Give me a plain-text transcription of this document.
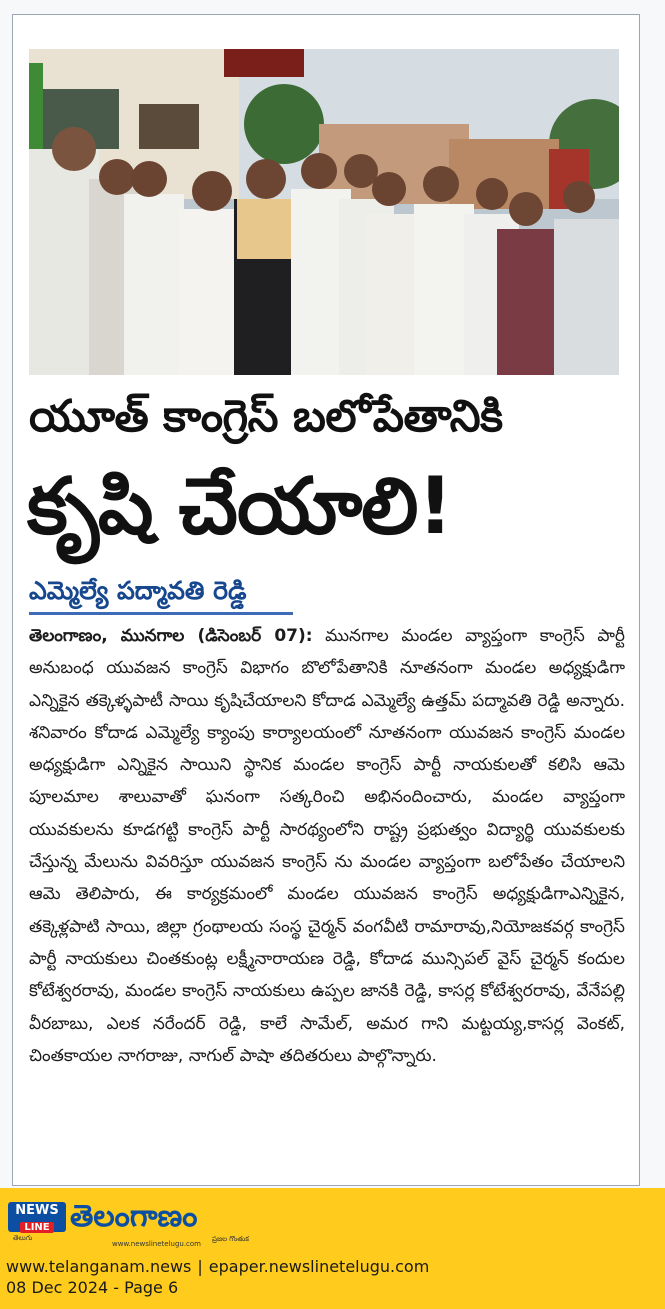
యూత్ కాంగ్రెస్ బలోపేతానికి
కృషి చేయాలి!
ఎమ్మెల్యే పద్మావతి రెడ్డి
తెలంగాణం, మునగాల (డిసెంబర్ 07): మునగాల మండల వ్యాప్తంగా కాంగ్రెస్ పార్టీ అనుబంధ యువజన కాంగ్రెస్ విభాగం బొలోపేతానికి నూతనంగా మండల అధ్యక్షుడిగా ఎన్నికైన తక్కెళ్ళపాటీ సాయి కృషిచేయాలని కోదాడ ఎమ్మెల్యే ఉత్తమ్ పద్మావతి రెడ్డి అన్నారు. శనివారం కోదాడ ఎమ్మెల్యే క్యాంపు కార్యాలయంలో నూతనంగా యువజన కాంగ్రెస్ మండల అధ్యక్షుడిగా ఎన్నికైన సాయిని స్థానిక మండల కాంగ్రెస్ పార్టీ నాయకులతో కలిసి ఆమె పూలమాల శాలువాతో ఘనంగా సత్కరించి అభినందించారు, మండల వ్యాప్తంగా యువకులను కూడగట్టి కాంగ్రెస్ పార్టీ సారథ్యంలోని రాష్ట్ర ప్రభుత్వం విద్యార్థి యువకులకు చేస్తున్న మేలును వివరిస్తూ యువజన కాంగ్రెస్ ను మండల వ్యాప్తంగా బలోపేతం చేయాలని ఆమె తెలిపారు, ఈ కార్యక్రమంలో మండల యువజన కాంగ్రెస్ అధ్యక్షుడిగాఎన్నికైన, తక్కెళ్లపాటి సాయి, జిల్లా గ్రంథాలయ సంస్థ చైర్మన్ వంగవీటి రామారావు,నియోజకవర్గ కాంగ్రెస్ పార్టీ నాయకులు చింతకుంట్ల లక్ష్మీనారాయణ రెడ్డి, కోదాడ మున్సిపల్ వైస్ చైర్మన్ కందుల కోటేశ్వరరావు, మండల కాంగ్రెస్ నాయకులు ఉప్పల జానకి రెడ్డి, కాసర్ల కోటేశ్వరరావు, వేనేపల్లి వీరబాబు, ఎలక నరేందర్ రెడ్డి, కాలే సామేల్, అమర గాని మట్టయ్య,కాసర్ల వెంకట్, చింతకాయల నాగరాజు, నాగుల్ పాషా తదితరులు పాల్గొన్నారు.
NEWS
LINE
తెలుగు
తెలంగాణం
www.newslinetelugu.com
ప్రజల గొంతుక
www.telanganam.news | epaper.newslinetelugu.com
08 Dec 2024 - Page 6
